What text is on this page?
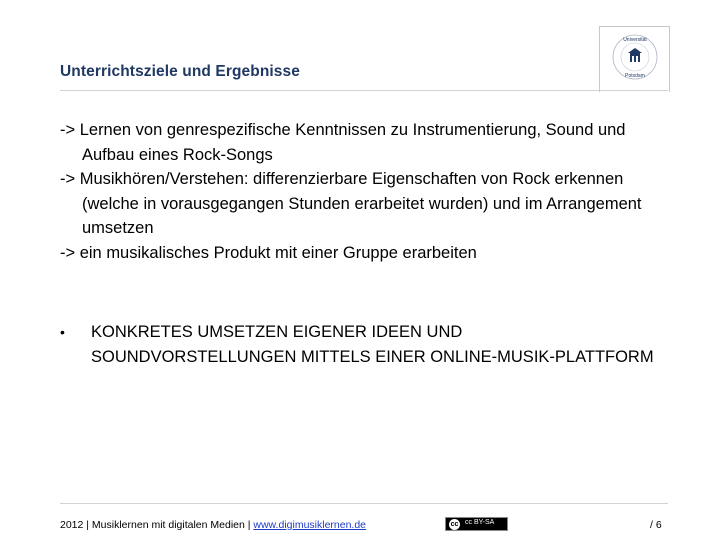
Unterrichtsziele und Ergebnisse
Universität
Potsdam
-> Lernen von genrespezifische Kenntnissen zu Instrumentierung, Sound und
Aufbau eines Rock-Songs
-> Musikhören/Verstehen: differenzierbare Eigenschaften von Rock erkennen
(welche in vorausgegangen Stunden erarbeitet wurden) und im Arrangement
umsetzen
-> ein musikalisches Produkt mit einer Gruppe erarbeiten
• KONKRETES UMSETZEN EIGENER IDEEN UND
SOUNDVORSTELLUNGEN MITTELS EINER ONLINE-MUSIK-PLATTFORM
2012 | Musiklernen mit digitalen Medien | www.digimusiklernen.de	cc cc BY-SA	/ 6
